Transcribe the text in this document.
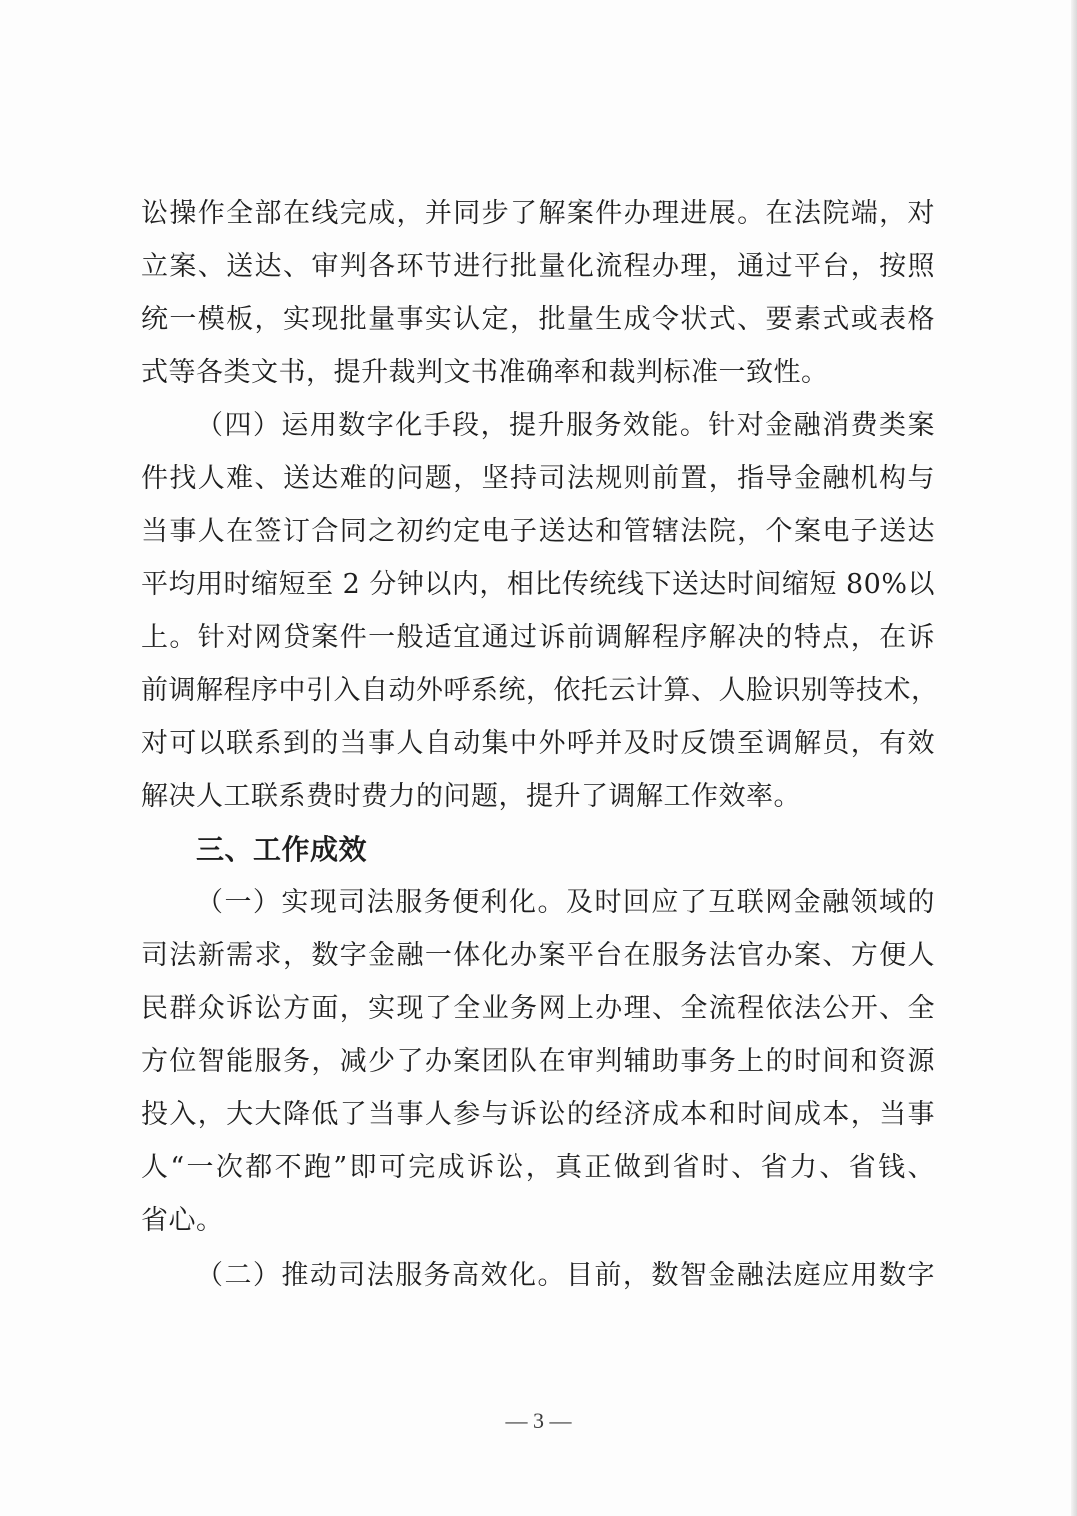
讼操作全部在线完成，并同步了解案件办理进展。在法院端，对
立案、送达、审判各环节进行批量化流程办理，通过平台，按照
统一模板，实现批量事实认定，批量生成令状式、要素式或表格
式等各类文书，提升裁判文书准确率和裁判标准一致性。
（四）运用数字化手段，提升服务效能。针对金融消费类案
件找人难、送达难的问题，坚持司法规则前置，指导金融机构与
当事人在签订合同之初约定电子送达和管辖法院，个案电子送达
平均用时缩短至 2 分钟以内，相比传统线下送达时间缩短 80%以
上。针对网贷案件一般适宜通过诉前调解程序解决的特点，在诉
前调解程序中引入自动外呼系统，依托云计算、人脸识别等技术，
对可以联系到的当事人自动集中外呼并及时反馈至调解员，有效
解决人工联系费时费力的问题，提升了调解工作效率。
三、工作成效
（一）实现司法服务便利化。及时回应了互联网金融领域的
司法新需求，数字金融一体化办案平台在服务法官办案、方便人
民群众诉讼方面，实现了全业务网上办理、全流程依法公开、全
方位智能服务，减少了办案团队在审判辅助事务上的时间和资源
投入，大大降低了当事人参与诉讼的经济成本和时间成本，当事
人“一次都不跑”即可完成诉讼，真正做到省时、省力、省钱、
省心。
（二）推动司法服务高效化。目前，数智金融法庭应用数字
— 3 —
